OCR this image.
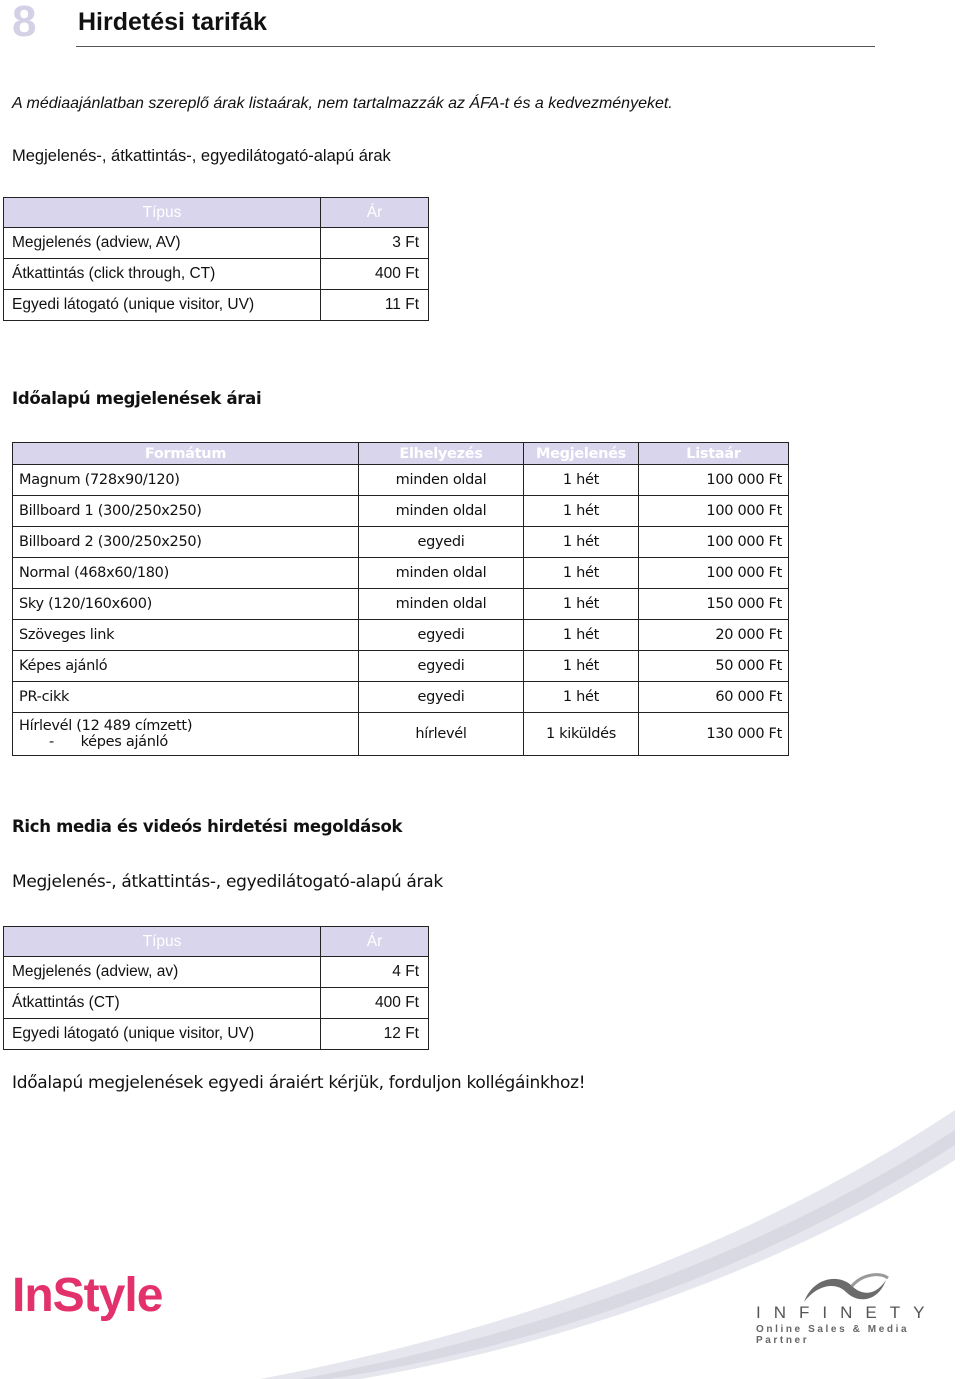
8 Hirdetési tarifák
A médiaajánlatban szereplő árak listaárak, nem tartalmazzák az ÁFA-t és a kedvezményeket.
Megjelenés-, átkattintás-, egyedilátogató-alapú árak
Típus	Ár
Megjelenés (adview, AV)	3 Ft
Átkattintás (click through, CT)	400 Ft
Egyedi látogató (unique visitor, UV)	11 Ft
Időalapú megjelenések árai
Formátum	Elhelyezés	Megjelenés	Listaár
Magnum (728x90/120)	minden oldal	1 hét	100 000 Ft
Billboard 1 (300/250x250)	minden oldal	1 hét	100 000 Ft
Billboard 2 (300/250x250)	egyedi	1 hét	100 000 Ft
Normal (468x60/180)	minden oldal	1 hét	100 000 Ft
Sky (120/160x600)	minden oldal	1 hét	150 000 Ft
Szöveges link	egyedi	1 hét	20 000 Ft
Képes ajánló	egyedi	1 hét	50 000 Ft
PR-cikk	egyedi	1 hét	60 000 Ft

Hírlevél (12 489 címzett)
- képes ajánló	hírlevél	1 kiküldés	130 000 Ft
Rich media és videós hirdetési megoldások
Megjelenés-, átkattintás-, egyedilátogató-alapú árak
Típus	Ár
Megjelenés (adview, av)	4 Ft
Átkattintás (CT)	400 Ft
Egyedi látogató (unique visitor, UV)	12 Ft
Időalapú megjelenések egyedi áraiért kérjük, forduljon kollégáinkhoz!
InStyle	INFINETY
Online Sales & Media Partner
